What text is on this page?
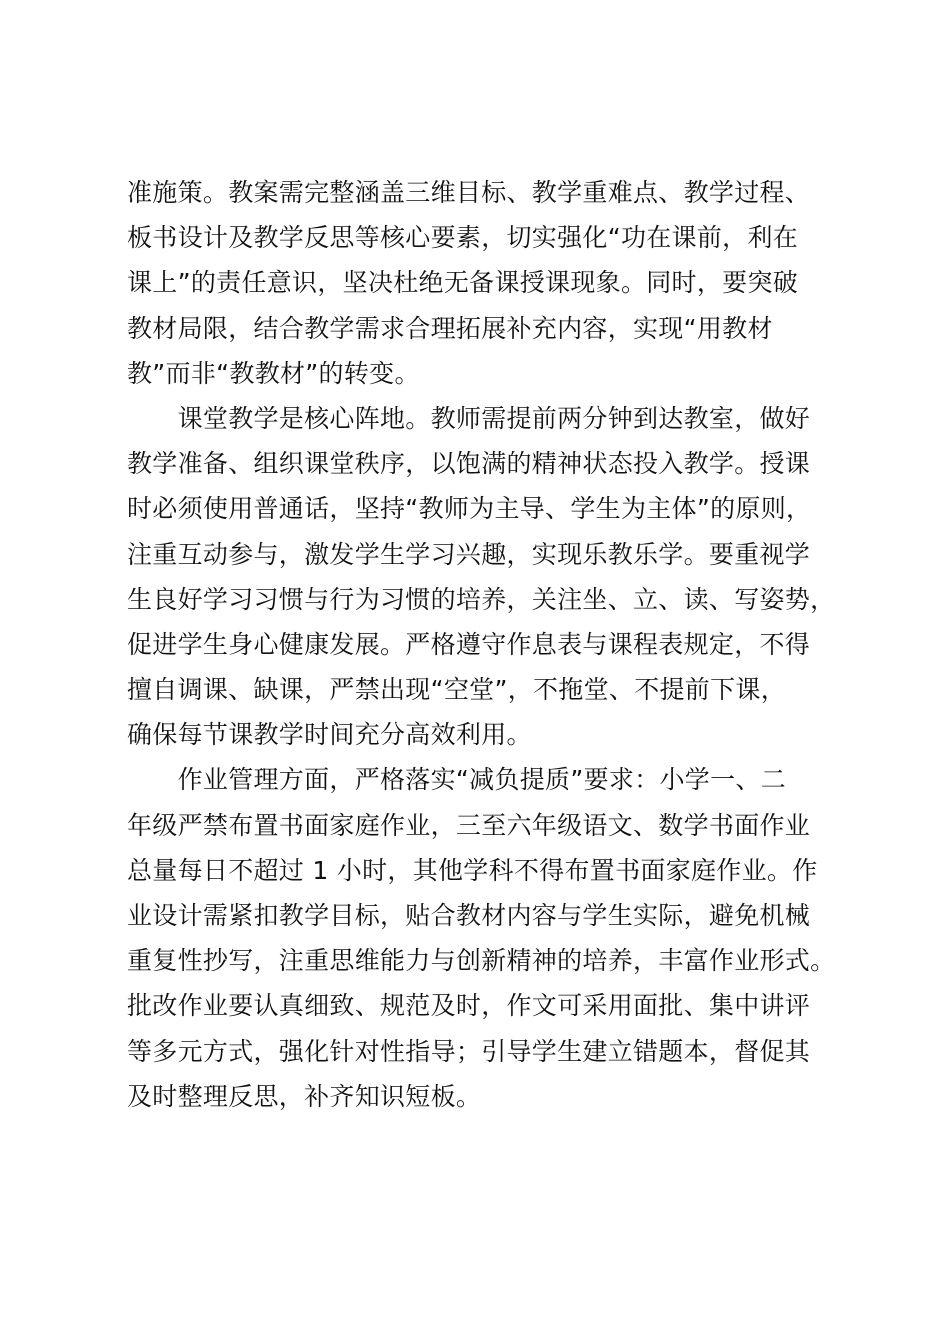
准施策。教案需完整涵盖三维目标、教学重难点、教学过程、
板书设计及教学反思等核心要素，切实强化“功在课前，利在
课上”的责任意识，坚决杜绝无备课授课现象。同时，要突破
教材局限，结合教学需求合理拓展补充内容，实现“用教材
教”而非“教教材”的转变。
　　课堂教学是核心阵地。教师需提前两分钟到达教室，做好
教学准备、组织课堂秩序，以饱满的精神状态投入教学。授课
时必须使用普通话，坚持“教师为主导、学生为主体”的原则，
注重互动参与，激发学生学习兴趣，实现乐教乐学。要重视学
生良好学习习惯与行为习惯的培养，关注坐、立、读、写姿势，
促进学生身心健康发展。严格遵守作息表与课程表规定，不得
擅自调课、缺课，严禁出现“空堂”，不拖堂、不提前下课，
确保每节课教学时间充分高效利用。
　　作业管理方面，严格落实“减负提质”要求：小学一、二
年级严禁布置书面家庭作业，三至六年级语文、数学书面作业
总量每日不超过 1 小时，其他学科不得布置书面家庭作业。作
业设计需紧扣教学目标，贴合教材内容与学生实际，避免机械
重复性抄写，注重思维能力与创新精神的培养，丰富作业形式。
批改作业要认真细致、规范及时，作文可采用面批、集中讲评
等多元方式，强化针对性指导；引导学生建立错题本，督促其
及时整理反思，补齐知识短板。
